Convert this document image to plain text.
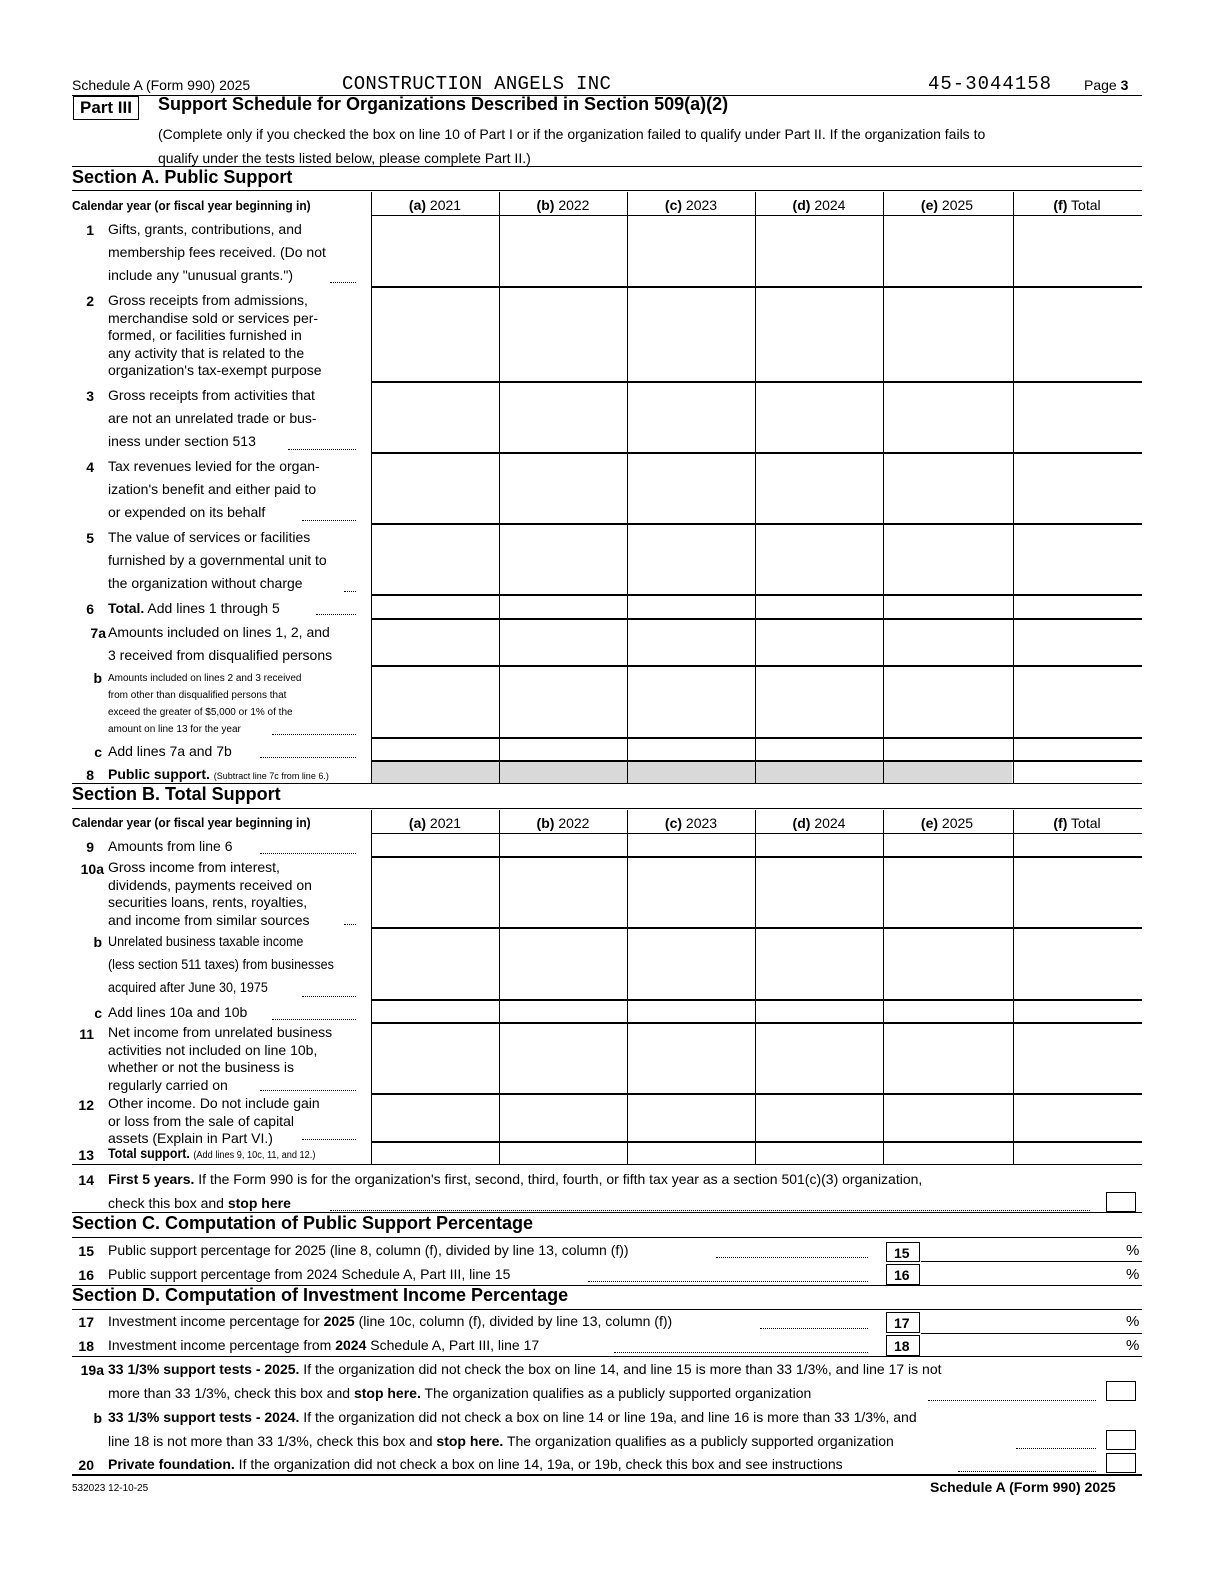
Schedule A (Form 990) 2025	CONSTRUCTION ANGELS INC	45-3044158 Page 3
Part III	Support Schedule for Organizations Described in Section 509(a)(2)
(Complete only if you checked the box on line 10 of Part I or if the organization failed to qualify under Part II. If the organization fails to
qualify under the tests listed below, please complete Part II.)
Section A. Public Support
Calendar year (or fiscal year beginning in)	(a) 2021	(b) 2022	(c) 2023	(d) 2024	(e) 2025	(f) Total
1 Gifts, grants, contributions, and
membership fees received. (Do not
include any "unusual grants.")
2 Gross receipts from admissions,
merchandise sold or services per-
formed, or facilities furnished in
any activity that is related to the
organization's tax-exempt purpose
3 Gross receipts from activities that
are not an unrelated trade or bus-
iness under section 513
4 Tax revenues levied for the organ-
ization's benefit and either paid to
or expended on its behalf
5 The value of services or facilities
furnished by a governmental unit to
the organization without charge
6 Total. Add lines 1 through 5
7a Amounts included on lines 1, 2, and
3 received from disqualified persons
b Amounts included on lines 2 and 3 received
from other than disqualified persons that
exceed the greater of $5,000 or 1% of the
amount on line 13 for the year
c Add lines 7a and 7b
8 Public support. (Subtract line 7c from line 6.)
Section B. Total Support
Calendar year (or fiscal year beginning in)	(a) 2021	(b) 2022	(c) 2023	(d) 2024	(e) 2025	(f) Total
9 Amounts from line 6
10a Gross income from interest,
dividends, payments received on
securities loans, rents, royalties,
and income from similar sources
b Unrelated business taxable income
(less section 511 taxes) from businesses
acquired after June 30, 1975
c Add lines 10a and 10b
11 Net income from unrelated business
activities not included on line 10b,
whether or not the business is
regularly carried on
12 Other income. Do not include gain
or loss from the sale of capital
assets (Explain in Part VI.)
13 Total support. (Add lines 9, 10c, 11, and 12.)
14 First 5 years. If the Form 990 is for the organization's first, second, third, fourth, or fifth tax year as a section 501(c)(3) organization,
check this box and stop here
Section C. Computation of Public Support Percentage
15 Public support percentage for 2025 (line 8, column (f), divided by line 13, column (f))	15	%
16 Public support percentage from 2024 Schedule A, Part III, line 15	16	%
Section D. Computation of Investment Income Percentage
17 Investment income percentage for 2025 (line 10c, column (f), divided by line 13, column (f))	17	%
18 Investment income percentage from 2024 Schedule A, Part III, line 17	18	%
19a 33 1/3% support tests - 2025. If the organization did not check the box on line 14, and line 15 is more than 33 1/3%, and line 17 is not
more than 33 1/3%, check this box and stop here. The organization qualifies as a publicly supported organization
b 33 1/3% support tests - 2024. If the organization did not check a box on line 14 or line 19a, and line 16 is more than 33 1/3%, and
line 18 is not more than 33 1/3%, check this box and stop here. The organization qualifies as a publicly supported organization
20 Private foundation. If the organization did not check a box on line 14, 19a, or 19b, check this box and see instructions
532023 12-10-25	Schedule A (Form 990) 2025
